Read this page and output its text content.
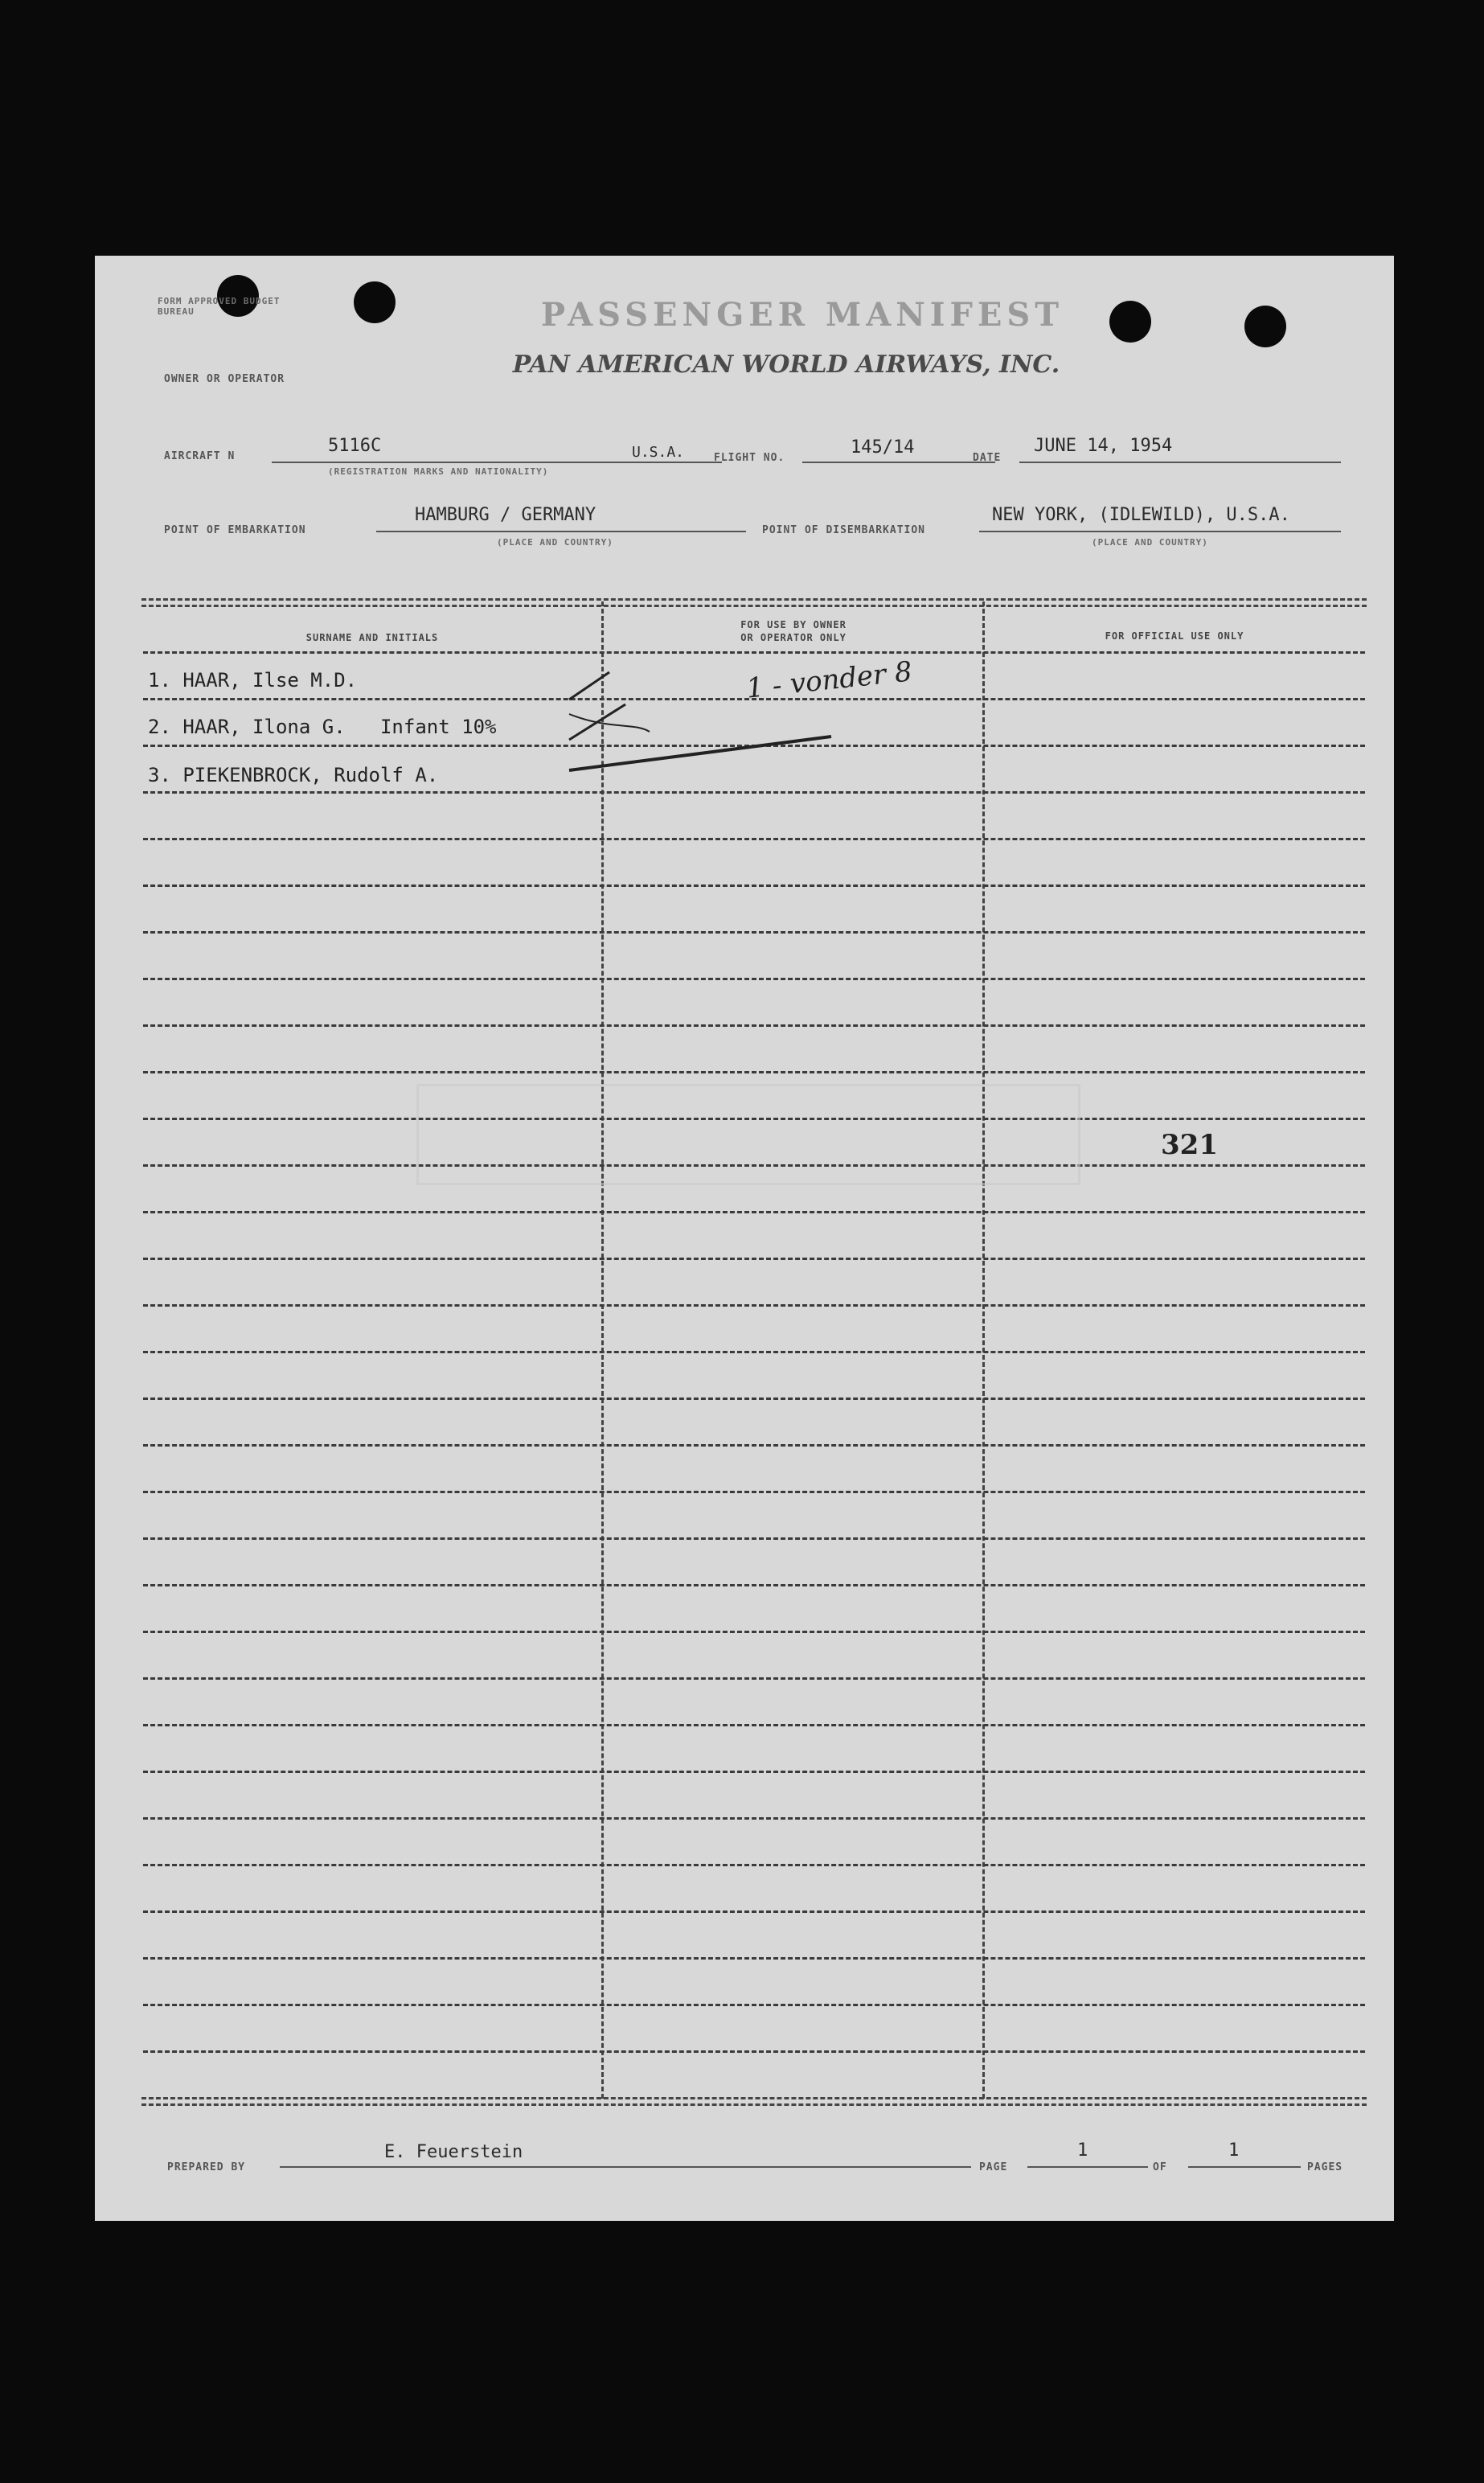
FORM APPROVED BUDGET BUREAU	PASSENGER MANIFEST
PAN AMERICAN WORLD AIRWAYS, INC.
OWNER OR OPERATOR
AIRCRAFT N
5116C
(REGISTRATION MARKS AND NATIONALITY)
U.S.A.	FLIGHT NO.
145/14
DATE
JUNE 14, 1954
POINT OF EMBARKATION
HAMBURG / GERMANY
(PLACE AND COUNTRY)
POINT OF DISEMBARKATION
NEW YORK, (IDLEWILD), U.S.A.
(PLACE AND COUNTRY)
SURNAME AND INITIALS
FOR USE BY OWNER
OR OPERATOR ONLY	FOR OFFICIAL USE ONLY
1. HAAR, Ilse M.D.
2. HAAR, Ilona G.   Infant 10%
3. PIEKENBROCK, Rudolf A.
1 - vonder 8
321
PREPARED BY
E. Feuerstein
PAGE
1
OF
1
PAGES
